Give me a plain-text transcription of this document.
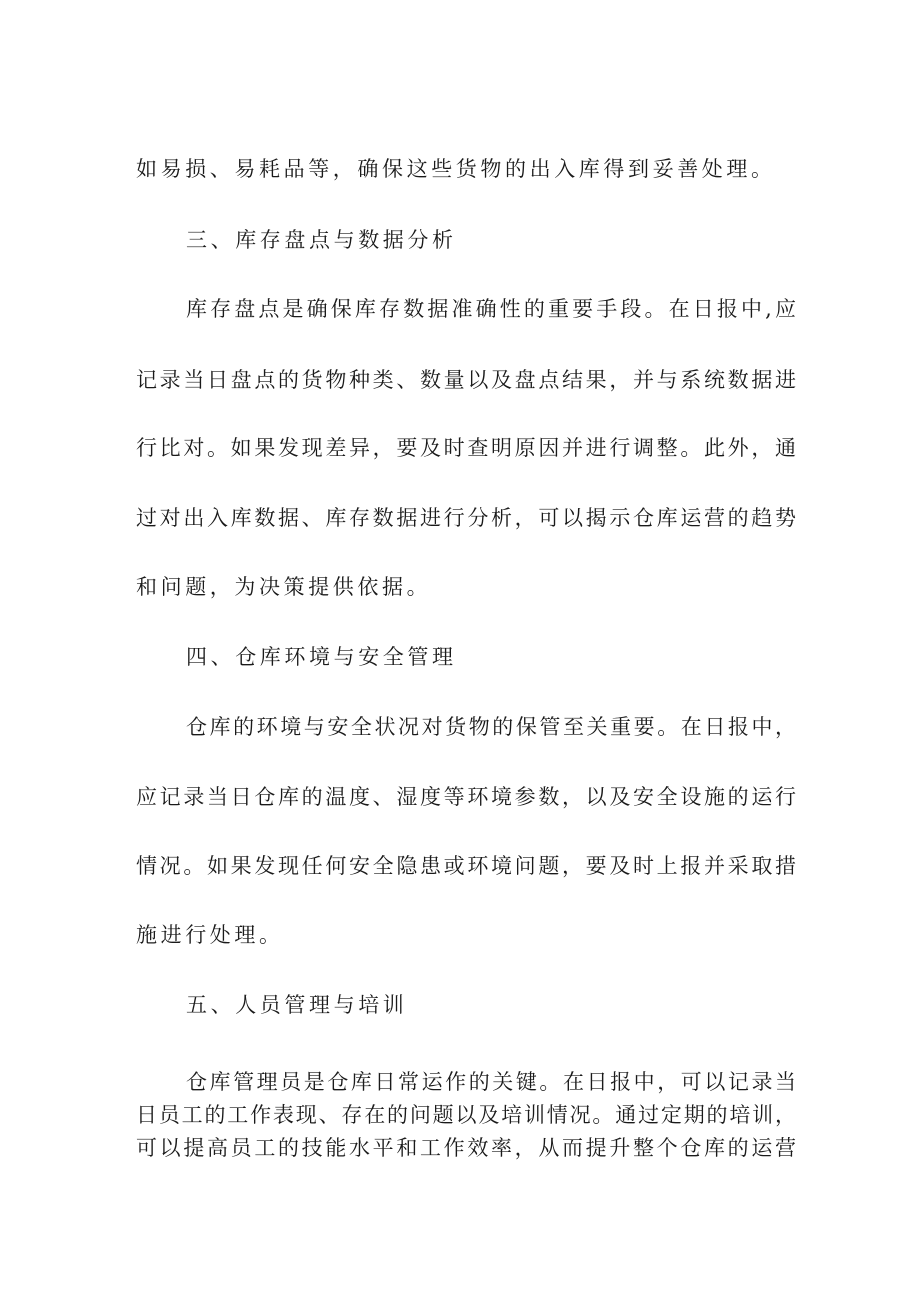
如易损、易耗品等，确保这些货物的出入库得到妥善处理。

三、库存盘点与数据分析

库存盘点是确保库存数据准确性的重要手段。在日报中,应

记录当日盘点的货物种类、数量以及盘点结果，并与系统数据进

行比对。如果发现差异，要及时查明原因并进行调整。此外，通

过对出入库数据、库存数据进行分析，可以揭示仓库运营的趋势

和问题，为决策提供依据。

四、仓库环境与安全管理

仓库的环境与安全状况对货物的保管至关重要。在日报中，

应记录当日仓库的温度、湿度等环境参数，以及安全设施的运行

情况。如果发现任何安全隐患或环境问题，要及时上报并采取措

施进行处理。

五、人员管理与培训

仓库管理员是仓库日常运作的关键。在日报中，可以记录当

日员工的工作表现、存在的问题以及培训情况。通过定期的培训，

可以提高员工的技能水平和工作效率，从而提升整个仓库的运营
